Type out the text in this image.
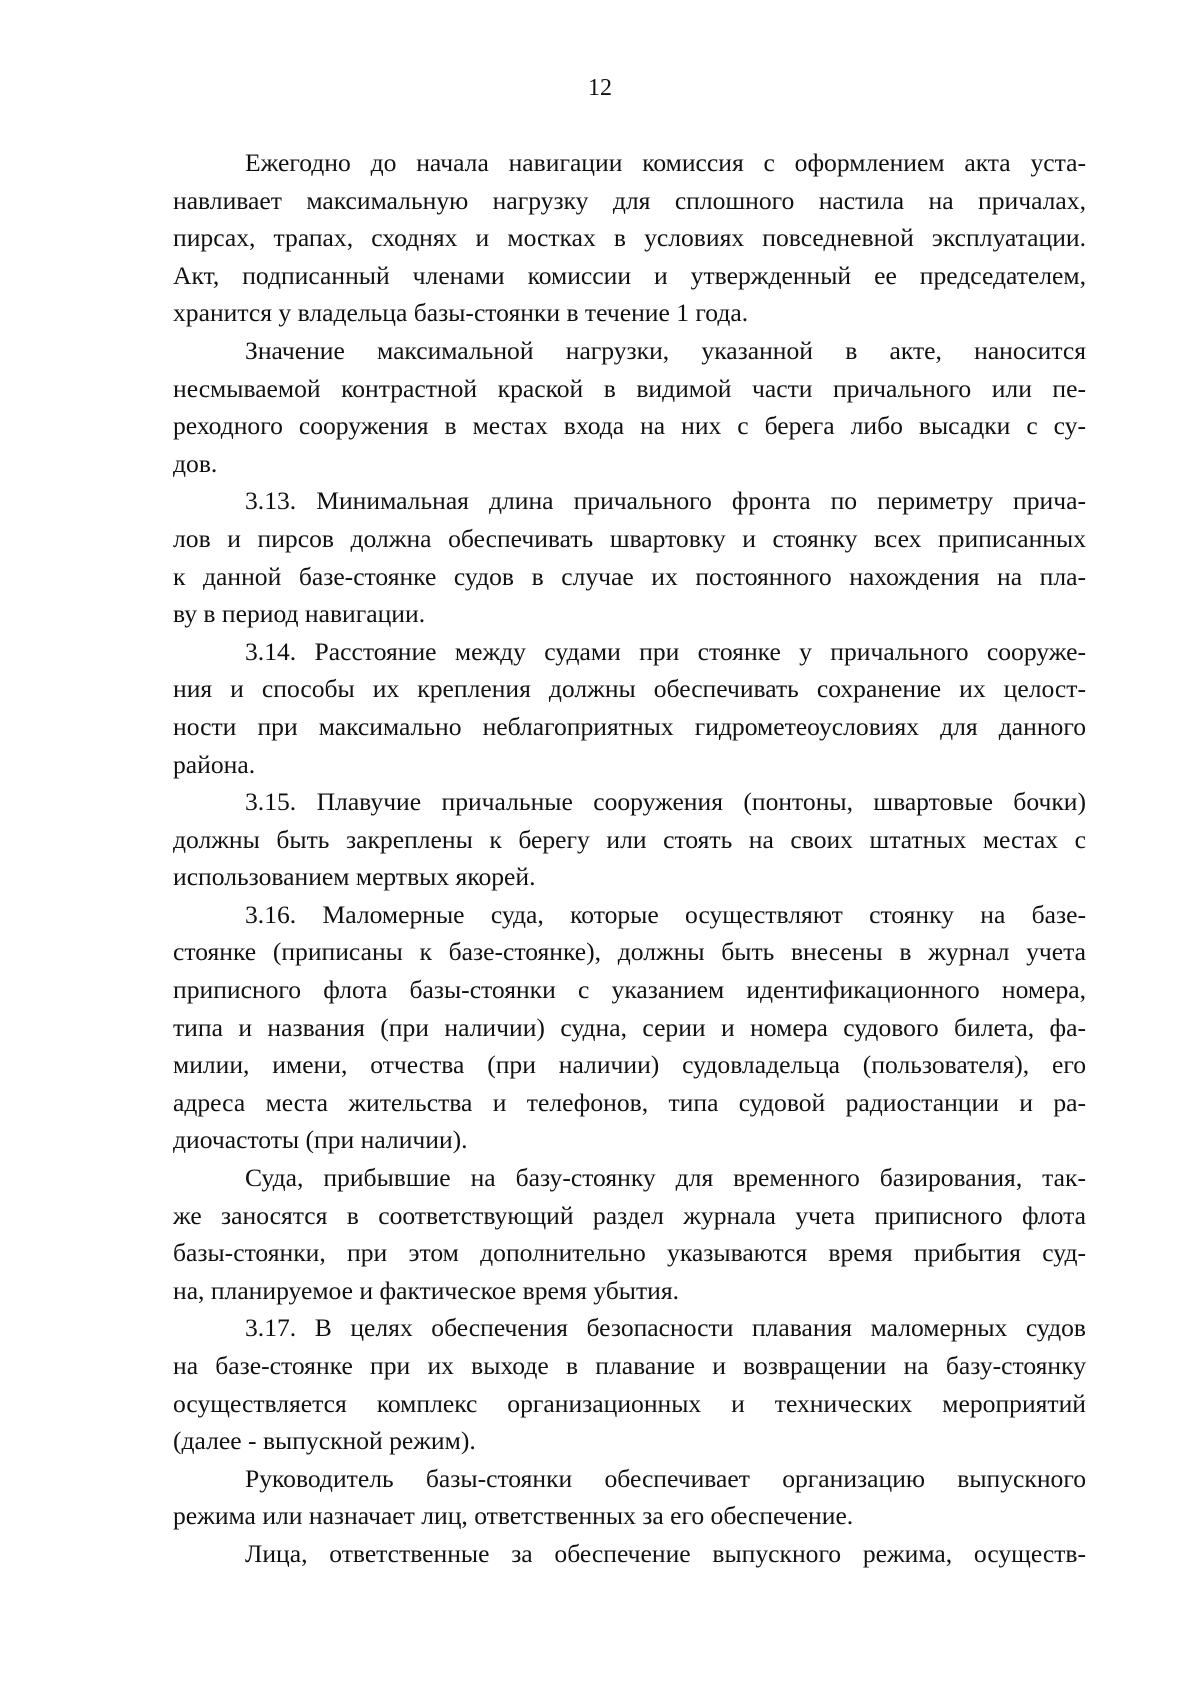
12

Ежегодно до начала навигации комиссия с оформлением акта уста-
навливает максимальную нагрузку для сплошного настила на причалах,
пирсах, трапах, сходнях и мостках в условиях повседневной эксплуатации.
Акт, подписанный членами комиссии и утвержденный ее председателем,
хранится у владельца базы-стоянки в течение 1 года.

Значение максимальной нагрузки, указанной в акте, наносится
несмываемой контрастной краской в видимой части причального или пе-
реходного сооружения в местах входа на них с берега либо высадки с су-
дов.

3.13. Минимальная длина причального фронта по периметру прича-
лов и пирсов должна обеспечивать швартовку и стоянку всех приписанных
к данной базе-стоянке судов в случае их постоянного нахождения на пла-
ву в период навигации.

3.14. Расстояние между судами при стоянке у причального сооруже-
ния и способы их крепления должны обеспечивать сохранение их целост-
ности при максимально неблагоприятных гидрометеоусловиях для данного
района.

3.15. Плавучие причальные сооружения (понтоны, швартовые бочки)
должны быть закреплены к берегу или стоять на своих штатных местах с
использованием мертвых якорей.

3.16. Маломерные суда, которые осуществляют стоянку на базе-
стоянке (приписаны к базе-стоянке), должны быть внесены в журнал учета
приписного флота базы-стоянки с указанием идентификационного номера,
типа и названия (при наличии) судна, серии и номера судового билета, фа-
милии, имени, отчества (при наличии) судовладельца (пользователя), его
адреса места жительства и телефонов, типа судовой радиостанции и ра-
диочастоты (при наличии).

Суда, прибывшие на базу-стоянку для временного базирования, так-
же заносятся в соответствующий раздел журнала учета приписного флота
базы-стоянки, при этом дополнительно указываются время прибытия суд-
на, планируемое и фактическое время убытия.

3.17. В целях обеспечения безопасности плавания маломерных судов
на базе-стоянке при их выходе в плавание и возвращении на базу-стоянку
осуществляется комплекс организационных и технических мероприятий
(далее - выпускной режим).

Руководитель базы-стоянки обеспечивает организацию выпускного
режима или назначает лиц, ответственных за его обеспечение.

Лица, ответственные за обеспечение выпускного режима, осуществ-
